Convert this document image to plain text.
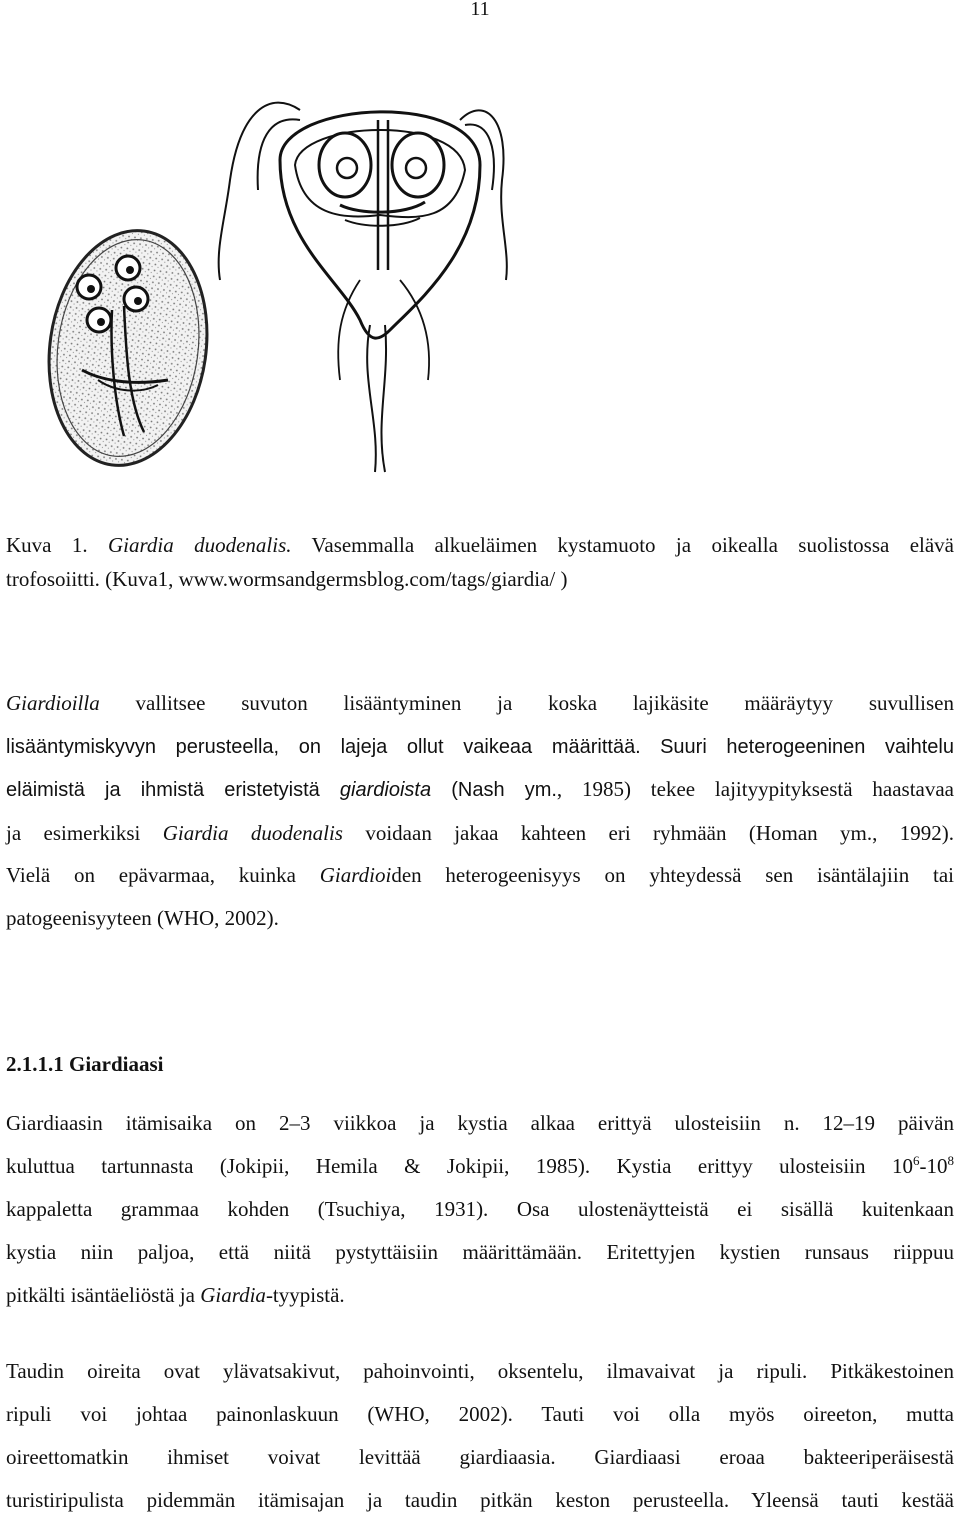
11

Kuva 1. Giardia duodenalis. Vasemmalla alkueläimen kystamuoto ja oikealla suolistossa elävä

trofosoiitti. (Kuva1, www.wormsandgermsblog.com/tags/giardia/ )

Giardioilla vallitsee suvuton lisääntyminen ja koska lajikäsite määräytyy suvullisen
lisääntymiskyvyn perusteella, on lajeja ollut vaikeaa määrittää. Suuri heterogeeninen vaihtelu
eläimistä ja ihmistä eristetyistä giardioista (Nash ym., 1985) tekee lajityypityksestä haastavaa
ja esimerkiksi Giardia duodenalis voidaan jakaa kahteen eri ryhmään (Homan ym., 1992).
Vielä on epävarmaa, kuinka Giardioiden heterogeenisyys on yhteydessä sen isäntälajiin tai
patogeenisyyteen (WHO, 2002).
2.1.1.1 Giardiaasi
Giardiaasin itämisaika on 2–3 viikkoa ja kystia alkaa erittyä ulosteisiin n. 12–19 päivän
kuluttua tartunnasta (Jokipii, Hemila & Jokipii, 1985). Kystia erittyy ulosteisiin $10^6-10^8$
kappaletta grammaa kohden (Tsuchiya, 1931). Osa ulostenäytteistä ei sisällä kuitenkaan
kystia niin paljoa, että niitä pystyttäisiin määrittämään. Eritettyjen kystien runsaus riippuu
pitkälti isäntäeliöstä ja Giardia-tyypistä.
Taudin oireita ovat ylävatsakivut, pahoinvointi, oksentelu, ilmavaivat ja ripuli. Pitkäkestoinen
ripuli voi johtaa painonlaskuun (WHO, 2002). Tauti voi olla myös oireeton, mutta
oireettomatkin ihmiset voivat levittää giardiaasia. Giardiaasi eroaa bakteeriperäisestä
turistiripulista pidemmän itämisajan ja taudin pitkän keston perusteella. Yleensä tauti kestää
